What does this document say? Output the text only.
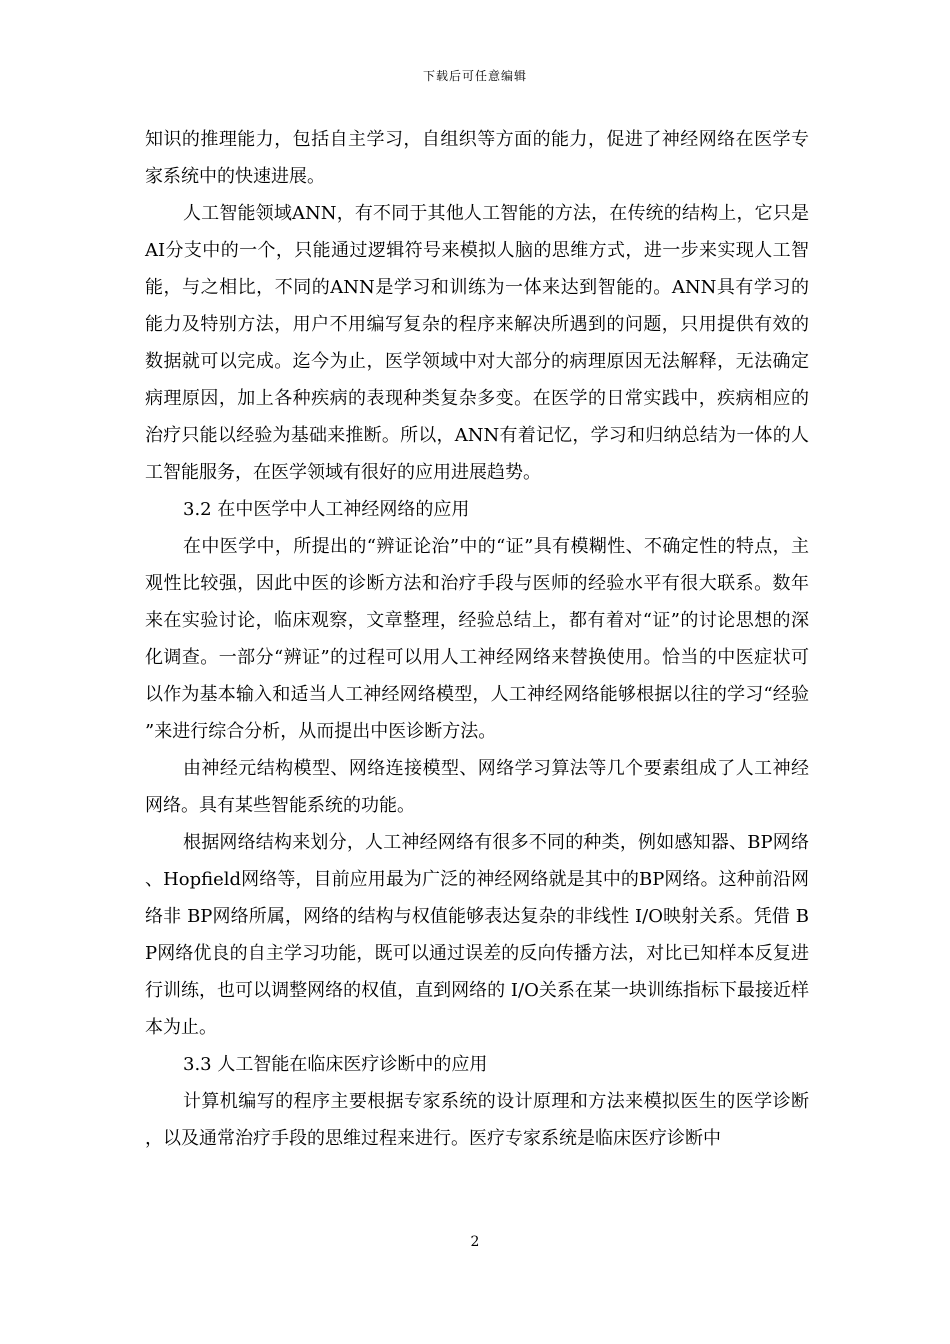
下载后可任意编辑

知识的推理能力，包括自主学习，自组织等方面的能力，促进了神经网络在医学专家系统中的快速进展。

人工智能领域ANN，有不同于其他人工智能的方法，在传统的结构上，它只是AI分支中的一个，只能通过逻辑符号来模拟人脑的思维方式，进一步来实现人工智能，与之相比，不同的ANN是学习和训练为一体来达到智能的。ANN具有学习的能力及特别方法，用户不用编写复杂的程序来解决所遇到的问题，只用提供有效的数据就可以完成。迄今为止，医学领域中对大部分的病理原因无法解释，无法确定病理原因，加上各种疾病的表现种类复杂多变。在医学的日常实践中，疾病相应的治疗只能以经验为基础来推断。所以，ANN有着记忆，学习和归纳总结为一体的人工智能服务，在医学领域有很好的应用进展趋势。

3.2 在中医学中人工神经网络的应用

在中医学中，所提出的“辨证论治”中的“证”具有模糊性、不确定性的特点，主观性比较强，因此中医的诊断方法和治疗手段与医师的经验水平有很大联系。数年来在实验讨论，临床观察，文章整理，经验总结上，都有着对“证”的讨论思想的深化调查。一部分“辨证”的过程可以用人工神经网络来替换使用。恰当的中医症状可以作为基本输入和适当人工神经网络模型，人工神经网络能够根据以往的学习“经验”来进行综合分析，从而提出中医诊断方法。

由神经元结构模型、网络连接模型、网络学习算法等几个要素组成了人工神经网络。具有某些智能系统的功能。

根据网络结构来划分，人工神经网络有很多不同的种类，例如感知器、BP网络、Hopfield网络等，目前应用最为广泛的神经网络就是其中的BP网络。这种前沿网络非 BP网络所属，网络的结构与权值能够表达复杂的非线性 I/O映射关系。凭借 BP网络优良的自主学习功能，既可以通过误差的反向传播方法，对比已知样本反复进行训练，也可以调整网络的权值，直到网络的 I/O关系在某一块训练指标下最接近样本为止。

3.3 人工智能在临床医疗诊断中的应用

计算机编写的程序主要根据专家系统的设计原理和方法来模拟医生的医学诊断，以及通常治疗手段的思维过程来进行。医疗专家系统是临床医疗诊断中

2
